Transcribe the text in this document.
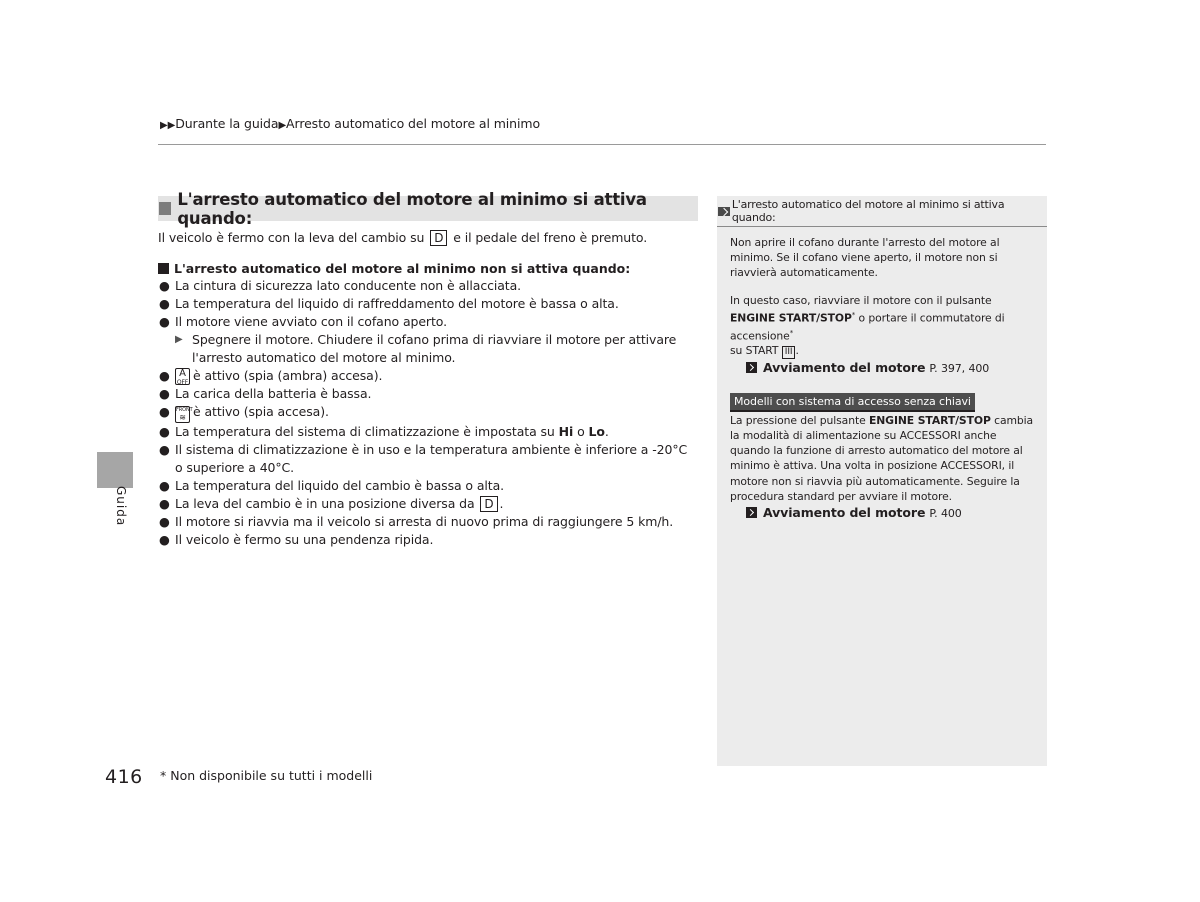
▶▶Durante la guida▶Arresto automatico del motore al minimo
Guida
L'arresto automatico del motore al minimo si attiva quando:
Il veicolo è fermo con la leva del cambio su D e il pedale del freno è premuto.
L'arresto automatico del motore al minimo non si attiva quando:
● La cintura di sicurezza lato conducente non è allacciata.
● La temperatura del liquido di raffreddamento del motore è bassa o alta.
● Il motore viene avviato con il cofano aperto.
▶ Spegnere il motore. Chiudere il cofano prima di riavviare il motore per attivare l'arresto automatico del motore al minimo.
● A
OFF è attivo (spia (ambra) accesa).
● La carica della batteria è bassa.
● FRONT
≋ è attivo (spia accesa).
● La temperatura del sistema di climatizzazione è impostata su Hi o Lo.
● Il sistema di climatizzazione è in uso e la temperatura ambiente è inferiore a -20°C o superiore a 40°C.
● La temperatura del liquido del cambio è bassa o alta.
● La leva del cambio è in una posizione diversa da D .
● Il motore si riavvia ma il veicolo si arresta di nuovo prima di raggiungere 5 km/h.
● Il veicolo è fermo su una pendenza ripida.
L'arresto automatico del motore al minimo si attiva quando:
Non aprire il cofano durante l'arresto del motore al minimo. Se il cofano viene aperto, il motore non si riavvierà automaticamente.
In questo caso, riavviare il motore con il pulsante ENGINE START/STOP* o portare il commutatore di accensione*
su START III .
Avviamento del motore P. 397, 400
Modelli con sistema di accesso senza chiavi
La pressione del pulsante ENGINE START/STOP cambia la modalità di alimentazione su ACCESSORI anche quando la funzione di arresto automatico del motore al minimo è attiva. Una volta in posizione ACCESSORI, il motore non si riavvia più automaticamente. Seguire la procedura standard per avviare il motore.
Avviamento del motore P. 400
416 * Non disponibile su tutti i modelli
